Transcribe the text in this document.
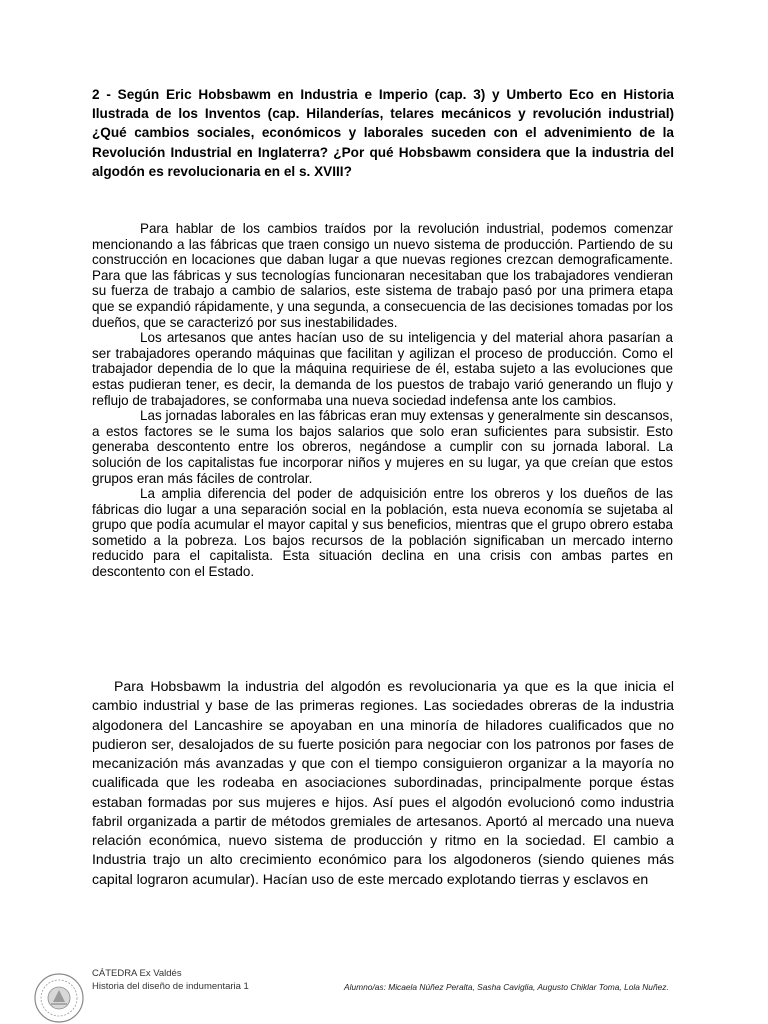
2 - Según Eric Hobsbawm en Industria e Imperio (cap. 3) y Umberto Eco en Historia Ilustrada de los Inventos (cap. Hilanderías, telares mecánicos y revolución industrial) ¿Qué cambios sociales, económicos y laborales suceden con el advenimiento de la Revolución Industrial en Inglaterra? ¿Por qué Hobsbawm considera que la industria del algodón es revolucionaria en el s. XVIII?

Para hablar de los cambios traídos por la revolución industrial, podemos comenzar mencionando a las fábricas que traen consigo un nuevo sistema de producción. Partiendo de su construcción en locaciones que daban lugar a que nuevas regiones crezcan demograficamente. Para que las fábricas y sus tecnologías funcionaran necesitaban que los trabajadores vendieran su fuerza de trabajo a cambio de salarios, este sistema de trabajo pasó por una primera etapa que se expandió rápidamente, y una segunda, a consecuencia de las decisiones tomadas por los dueños, que se caracterizó por sus inestabilidades.

Los artesanos que antes hacían uso de su inteligencia y del material ahora pasarían a ser trabajadores operando máquinas que facilitan y agilizan el proceso de producción. Como el trabajador dependia de lo que la máquina requiriese de él, estaba sujeto a las evoluciones que estas pudieran tener, es decir, la demanda de los puestos de trabajo varió generando un flujo y reflujo de trabajadores, se conformaba una nueva sociedad indefensa ante los cambios.

Las jornadas laborales en las fábricas eran muy extensas y generalmente sin descansos, a estos factores se le suma los bajos salarios que solo eran suficientes para subsistir. Esto generaba descontento entre los obreros, negándose a cumplir con su jornada laboral. La solución de los capitalistas fue incorporar niños y mujeres en su lugar, ya que creían que estos grupos eran más fáciles de controlar.

La amplia diferencia del poder de adquisición entre los obreros y los dueños de las fábricas dio lugar a una separación social en la población, esta nueva economía se sujetaba al grupo que podía acumular el mayor capital y sus beneficios, mientras que el grupo obrero estaba sometido a la pobreza. Los bajos recursos de la población significaban un mercado interno reducido para el capitalista. Esta situación declina en una crisis con ambas partes en descontento con el Estado.

Para Hobsbawm la industria del algodón es revolucionaria ya que es la que inicia el cambio industrial y base de las primeras regiones. Las sociedades obreras de la industria algodonera del Lancashire se apoyaban en una minoría de hiladores cualificados que no pudieron ser, desalojados de su fuerte posición para negociar con los patronos por fases de mecanización más avanzadas y que con el tiempo consiguieron organizar a la mayoría no cualificada que les rodeaba en asociaciones subordinadas, principalmente porque éstas estaban formadas por sus mujeres e hijos. Así pues el algodón evolucionó como industria fabril organizada a partir de métodos gremiales de artesanos. Aportó al mercado una nueva relación económica, nuevo sistema de producción y ritmo en la sociedad. El cambio a Industria trajo un alto crecimiento económico para los algodoneros (siendo quienes más capital lograron acumular). Hacían uso de este mercado explotando tierras y esclavos en

CÁTEDRA Ex Valdés
Historia del diseño de indumentaria 1	Alumno/as: Micaela Núñez Peralta, Sasha Caviglia, Augusto Chiklar Toma, Lola Nuñez.
